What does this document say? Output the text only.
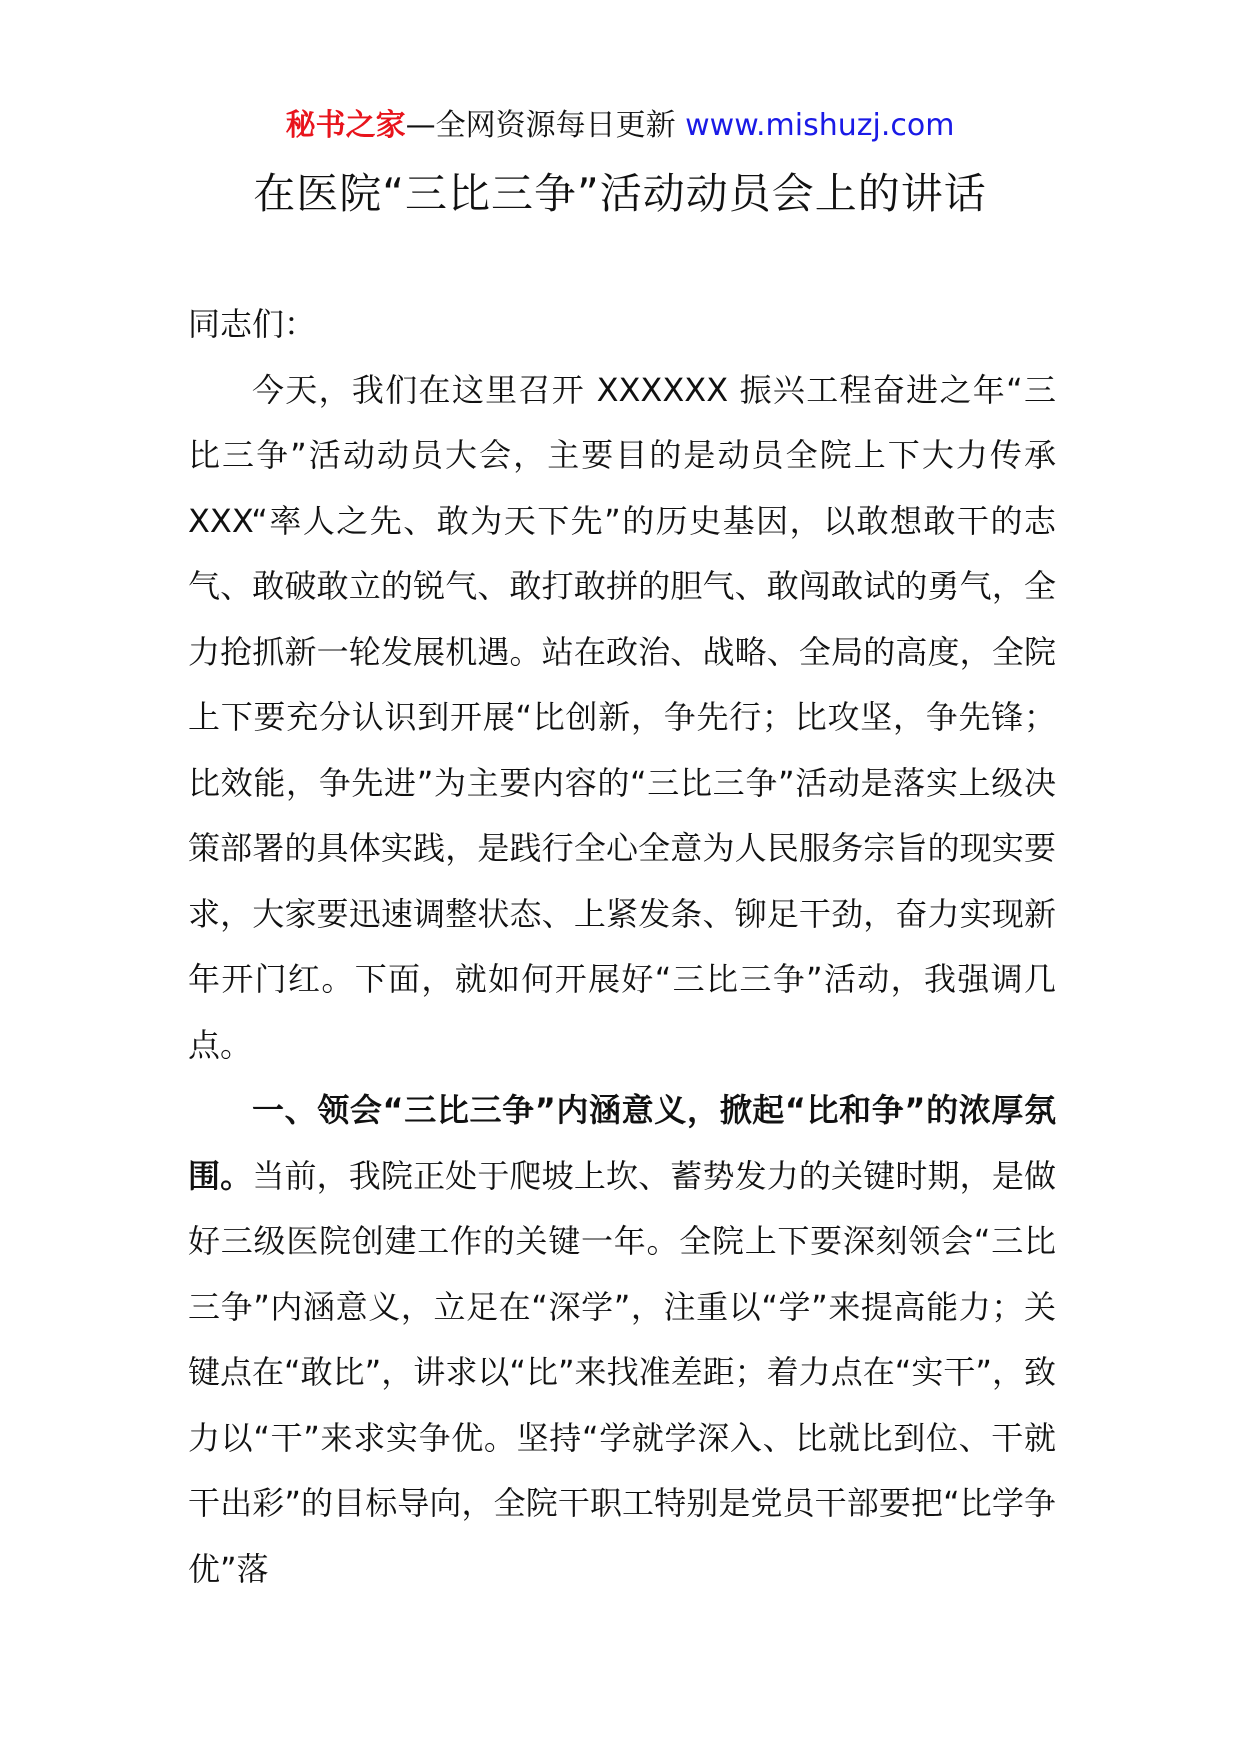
秘书之家—全网资源每日更新 www.mishuzj.com
在医院“三比三争”活动动员会上的讲话

同志们：

今天，我们在这里召开 XXXXXX 振兴工程奋进之年“三比三争”活动动员大会，主要目的是动员全院上下大力传承 XXX“率人之先、敢为天下先”的历史基因，以敢想敢干的志气、敢破敢立的锐气、敢打敢拼的胆气、敢闯敢试的勇气，全力抢抓新一轮发展机遇。站在政治、战略、全局的高度，全院上下要充分认识到开展“比创新，争先行；比攻坚，争先锋；比效能，争先进”为主要内容的“三比三争”活动是落实上级决策部署的具体实践，是践行全心全意为人民服务宗旨的现实要求，大家要迅速调整状态、上紧发条、铆足干劲，奋力实现新年开门红。下面，就如何开展好“三比三争”活动，我强调几点。

一、领会“三比三争”内涵意义，掀起“比和争”的浓厚氛围。当前，我院正处于爬坡上坎、蓄势发力的关键时期，是做好三级医院创建工作的关键一年。全院上下要深刻领会“三比三争”内涵意义，立足在“深学”，注重以“学”来提高能力；关键点在“敢比”，讲求以“比”来找准差距；着力点在“实干”，致力以“干”来求实争优。坚持“学就学深入、比就比到位、干就干出彩”的目标导向，全院干职工特别是党员干部要把“比学争优”落
